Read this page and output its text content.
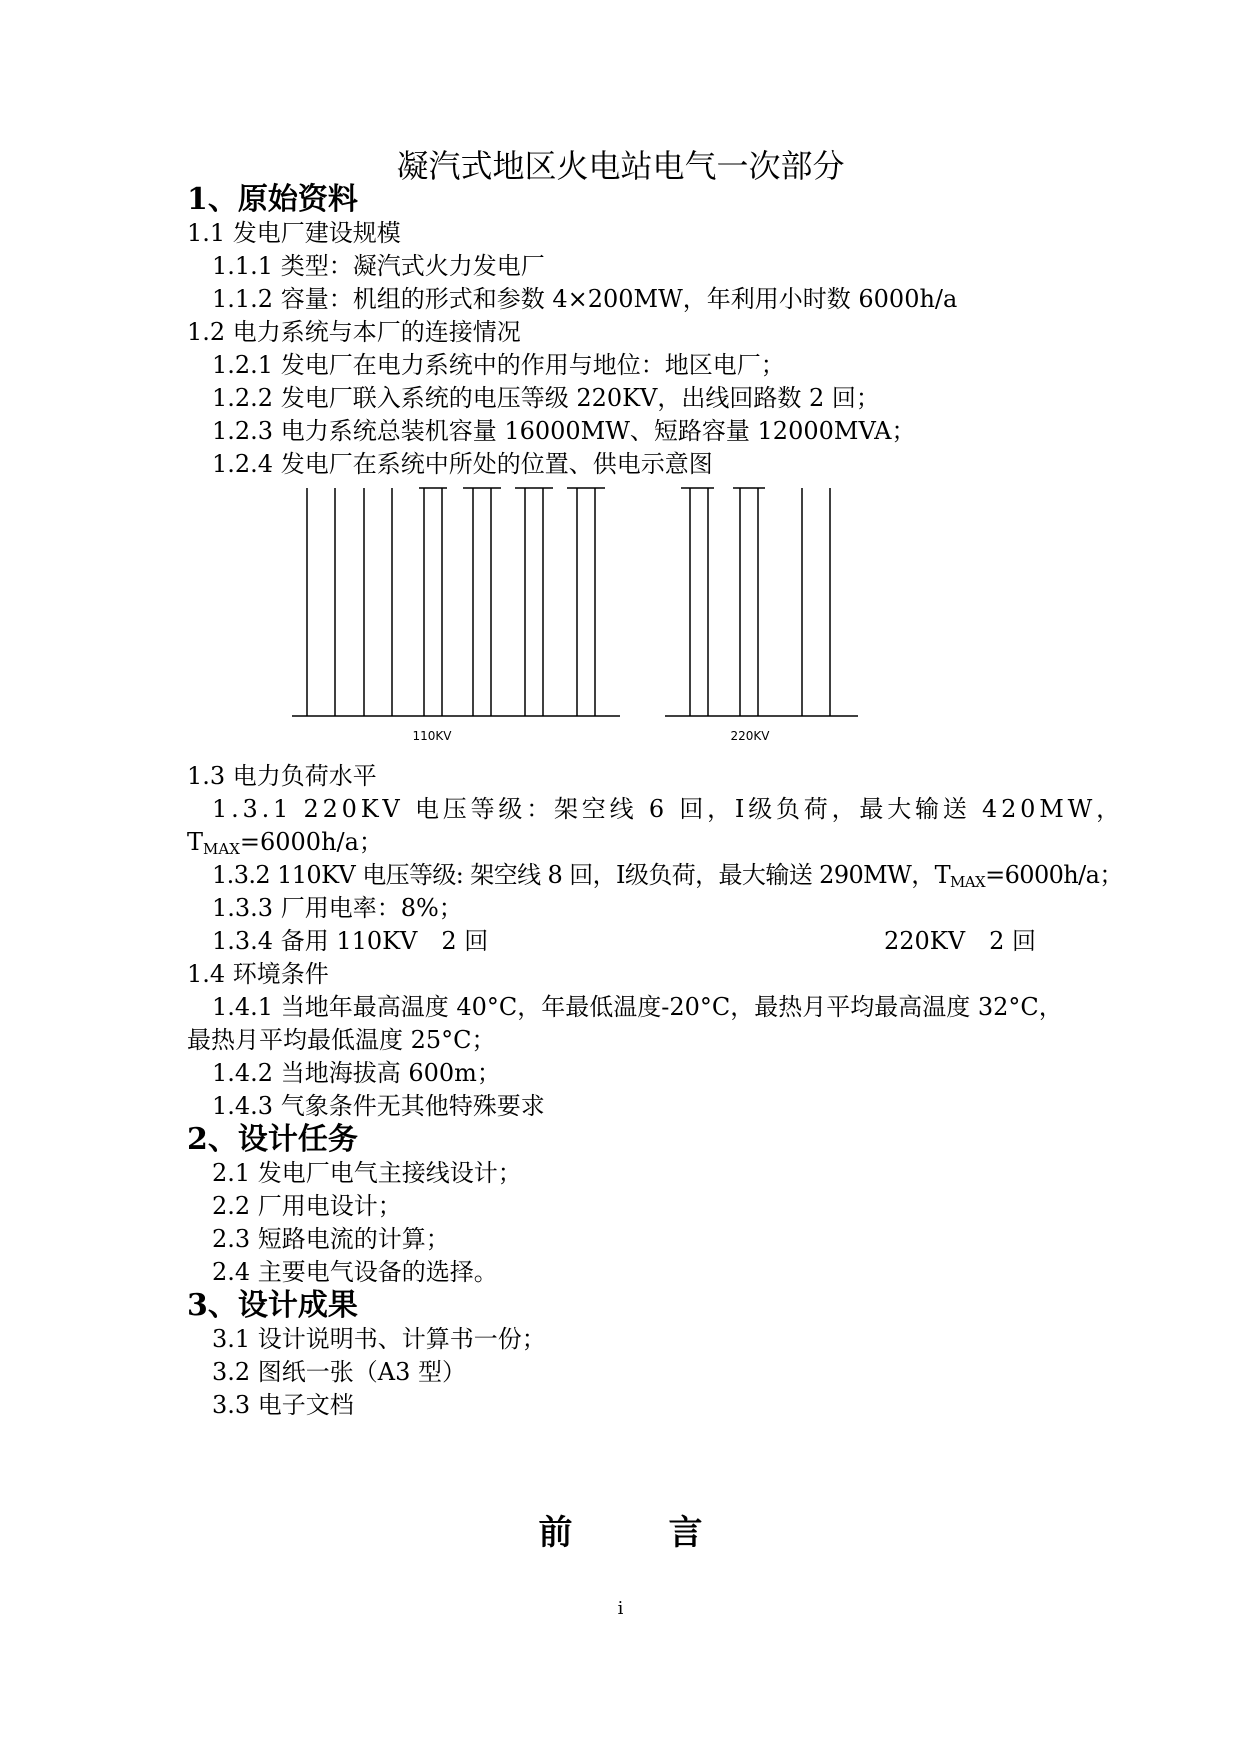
凝汽式地区火电站电气一次部分
1、原始资料
1.1 发电厂建设规模
1.1.1 类型：凝汽式火力发电厂
1.1.2 容量：机组的形式和参数 4×200MW，年利用小时数 6000h/a
1.2 电力系统与本厂的连接情况
1.2.1 发电厂在电力系统中的作用与地位：地区电厂；
1.2.2 发电厂联入系统的电压等级 220KV，出线回路数 2 回；
1.2.3 电力系统总装机容量 16000MW、短路容量 12000MVA；
1.2.4 发电厂在系统中所处的位置、供电示意图
110KV	220KV
1.3 电力负荷水平
1.3.1 220KV 电压等级：架空线 6 回，Ⅰ级负荷，最大输送 420MW，
$T_{MAX}=6000h/a$；
1.3.2 110KV 电压等级: 架空线 8 回，Ⅰ级负荷，最大输送 290MW，$T_{MAX}=6000h/a$；
1.3.3 厂用电率：8%；
1.3.4 备用 110KV　2 回	220KV　2 回
1.4 环境条件
1.4.1 当地年最高温度 40°C，年最低温度-20°C，最热月平均最高温度 32°C，
最热月平均最低温度 25°C；
1.4.2 当地海拔高 600m；
1.4.3 气象条件无其他特殊要求
2、设计任务
2.1 发电厂电气主接线设计；
2.2 厂用电设计；
2.3 短路电流的计算；
2.4 主要电气设备的选择。
3、设计成果
3.1 设计说明书、计算书一份；
3.2 图纸一张（A3 型）
3.3 电子文档
前	言
i
